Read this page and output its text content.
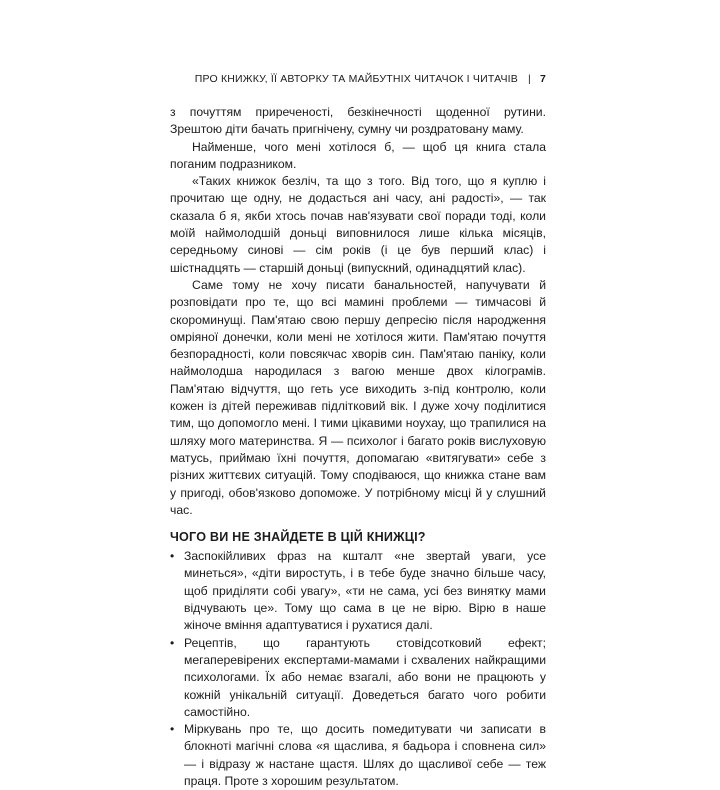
ПРО КНИЖКУ, ЇЇ АВТОРКУ ТА МАЙБУТНІХ ЧИТАЧОК І ЧИТАЧІВ | 7

з почуттям приреченості, безкінечності щоденної рутини. Зрештою діти бачать пригнічену, сумну чи роздратовану маму.

Найменше, чого мені хотілося б, — щоб ця книга стала поганим подразником.

«Таких книжок безліч, та що з того. Від того, що я куплю і прочитаю ще одну, не додасться ані часу, ані радості», — так сказала б я, якби хтось почав нав'язувати свої поради тоді, коли моїй наймолодшій доньці виповнилося лише кілька місяців, середньому синові — сім років (і це був перший клас) і шістнадцять — старшій доньці (випускний, одинадцятий клас).

Саме тому не хочу писати банальностей, напучувати й розповідати про те, що всі мамині проблеми — тимчасові й скороминущі. Пам'ятаю свою першу депресію після народження омріяної донечки, коли мені не хотілося жити. Пам'ятаю почуття безпорадності, коли повсякчас хворів син. Пам'ятаю паніку, коли наймолодша народилася з вагою менше двох кілограмів. Пам'ятаю відчуття, що геть усе виходить з-під контролю, коли кожен із дітей переживав підлітковий вік. І дуже хочу поділитися тим, що допомогло мені. І тими цікавими ноухау, що трапилися на шляху мого материнства. Я — психолог і багато років вислуховую матусь, приймаю їхні почуття, допомагаю «витягувати» себе з різних життєвих ситуацій. Тому сподіваюся, що книжка стане вам у пригоді, обов'язково допоможе. У потрібному місці й у слушний час.

ЧОГО ВИ НЕ ЗНАЙДЕТЕ В ЦІЙ КНИЖЦІ?
• Заспокійливих фраз на кшталт «не звертай уваги, усе минеться», «діти виростуть, і в тебе буде значно більше часу, щоб приділяти собі увагу», «ти не сама, усі без винятку мами відчувають це». Тому що сама в це не вірю. Вірю в наше жіноче вміння адаптуватися і рухатися далі.
• Рецептів, що гарантують стовідсотковий ефект; мегаперевірених експертами-мамами і схвалених найкращими психологами. Їх або немає взагалі, або вони не працюють у кожній унікальній ситуації. Доведеться багато чого робити самостійно.
• Міркувань про те, що досить помедитувати чи записати в блокноті магічні слова «я щаслива, я бадьора і сповнена сил» — і відразу ж настане щастя. Шлях до щасливої себе — теж праця. Проте з хорошим результатом.
